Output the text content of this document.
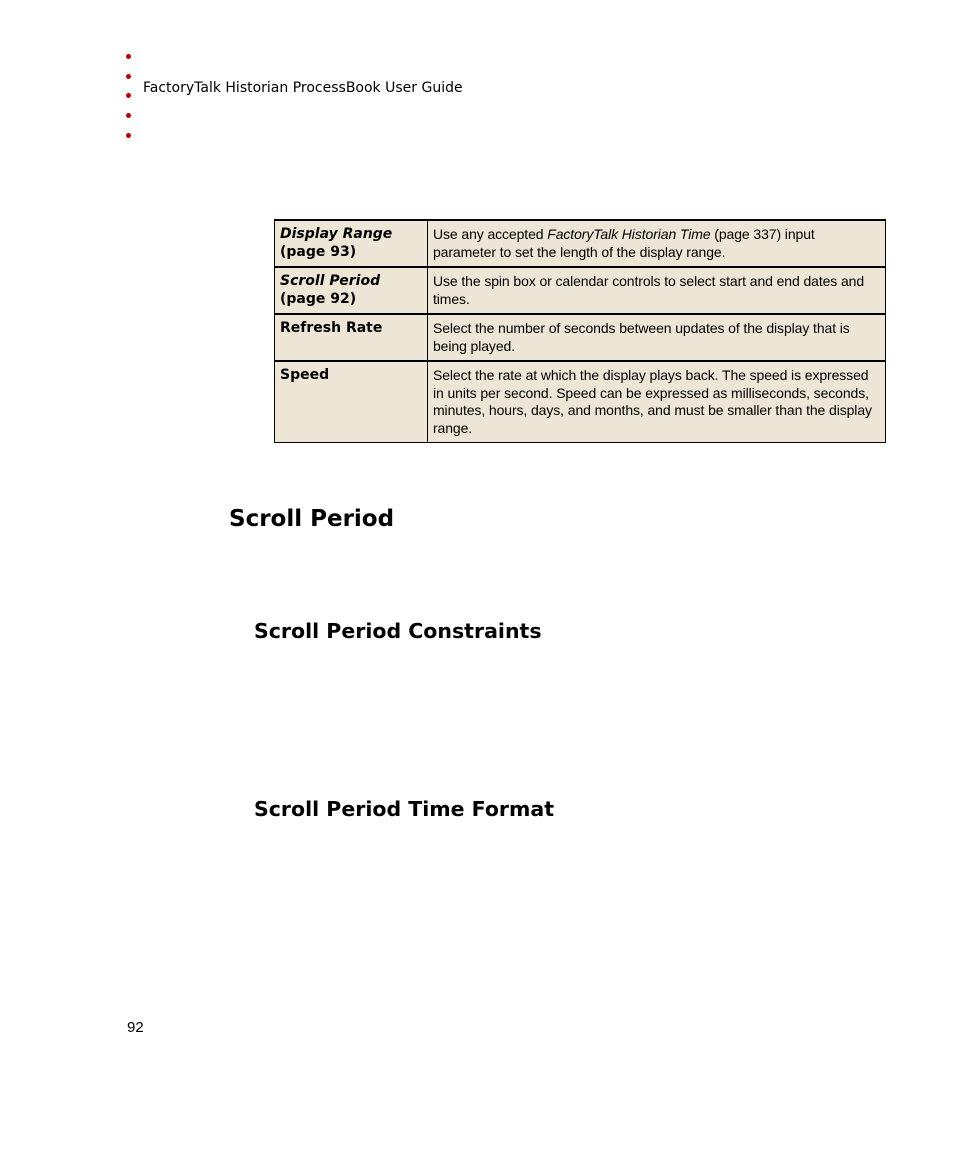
FactoryTalk Historian ProcessBook User Guide
Display Range (page 93)	Use any accepted FactoryTalk Historian Time (page 337) input parameter to set the length of the display range.
Scroll Period (page 92)	Use the spin box or calendar controls to select start and end dates and times.
Refresh Rate	Select the number of seconds between updates of the display that is being played.
Speed	Select the rate at which the display plays back. The speed is expressed in units per second. Speed can be expressed as milliseconds, seconds, minutes, hours, days, and months, and must be smaller than the display range.
Scroll Period
Scroll Period Constraints
Scroll Period Time Format
92
